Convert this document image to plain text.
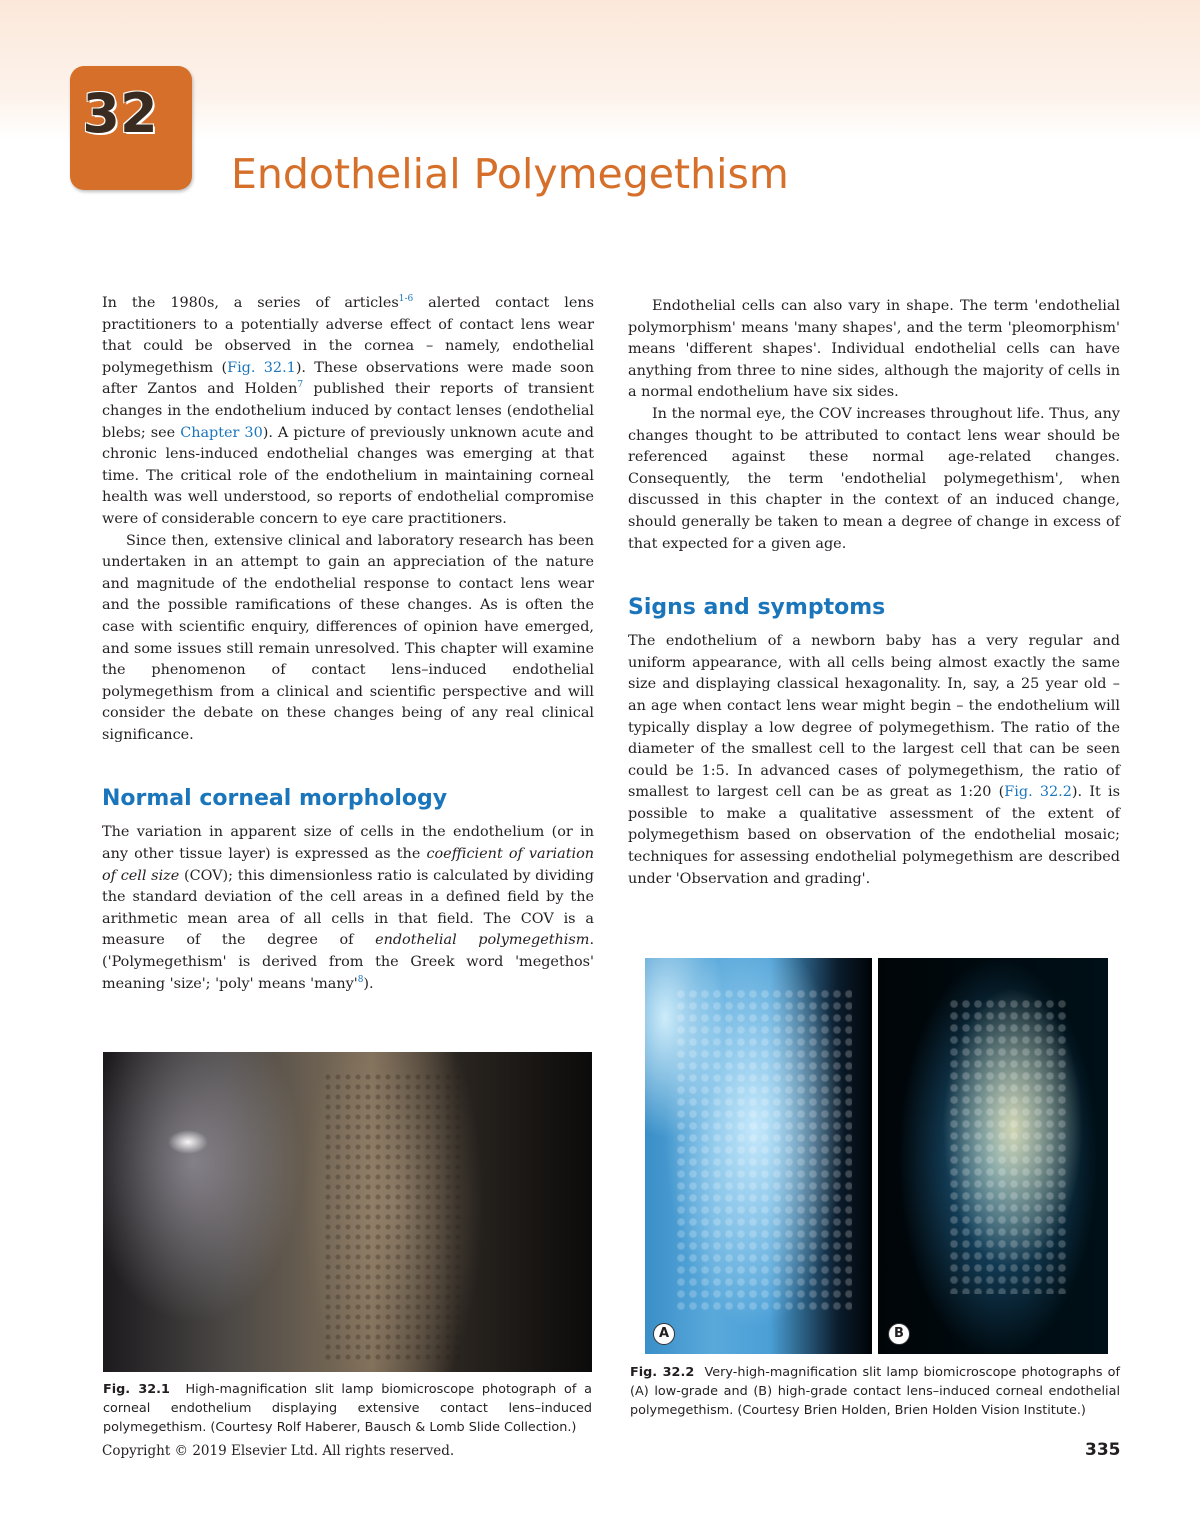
32
Endothelial Polymegethism

In the 1980s, a series of articles$^{1-6}$ alerted contact lens practitioners to a potentially adverse effect of contact lens wear that could be observed in the cornea – namely, endothelial polymegethism (Fig. 32.1). These observations were made soon after Zantos and Holden$^7$ published their reports of transient changes in the endothelium induced by contact lenses (endothelial blebs; see Chapter 30). A picture of previously unknown acute and chronic lens-induced endothelial changes was emerging at that time. The critical role of the endothelium in maintaining corneal health was well understood, so reports of endothelial compromise were of considerable concern to eye care practitioners.

Since then, extensive clinical and laboratory research has been undertaken in an attempt to gain an appreciation of the nature and magnitude of the endothelial response to contact lens wear and the possible ramifications of these changes. As is often the case with scientific enquiry, differences of opinion have emerged, and some issues still remain unresolved. This chapter will examine the phenomenon of contact lens–induced endothelial polymegethism from a clinical and scientific perspective and will consider the debate on these changes being of any real clinical significance.

Normal corneal morphology

The variation in apparent size of cells in the endothelium (or in any other tissue layer) is expressed as the coefficient of variation of cell size (COV); this dimensionless ratio is calculated by dividing the standard deviation of the cell areas in a defined field by the arithmetic mean area of all cells in that field. The COV is a measure of the degree of endothelial polymegethism. ('Polymegethism' is derived from the Greek word 'megethos' meaning 'size'; 'poly' means '$many'^8$).

Endothelial cells can also vary in shape. The term 'endothelial polymorphism' means 'many shapes', and the term 'pleomorphism' means 'different shapes'. Individual endothelial cells can have anything from three to nine sides, although the majority of cells in a normal endothelium have six sides.

In the normal eye, the COV increases throughout life. Thus, any changes thought to be attributed to contact lens wear should be referenced against these normal age-related changes. Consequently, the term 'endothelial polymegethism', when discussed in this chapter in the context of an induced change, should generally be taken to mean a degree of change in excess of that expected for a given age.

Signs and symptoms

The endothelium of a newborn baby has a very regular and uniform appearance, with all cells being almost exactly the same size and displaying classical hexagonality. In, say, a 25 year old – an age when contact lens wear might begin – the endothelium will typically display a low degree of polymegethism. The ratio of the diameter of the smallest cell to the largest cell that can be seen could be 1:5. In advanced cases of polymegethism, the ratio of smallest to largest cell can be as great as 1:20 (Fig. 32.2). It is possible to make a qualitative assessment of the extent of polymegethism based on observation of the endothelial mosaic; techniques for assessing endothelial polymegethism are described under 'Observation and grading'.

Fig. 32.1 High-magnification slit lamp biomicroscope photograph of a corneal endothelium displaying extensive contact lens–induced polymegethism. (Courtesy Rolf Haberer, Bausch & Lomb Slide Collection.)
A	B
Fig. 32.2 Very-high-magnification slit lamp biomicroscope photographs of (A) low-grade and (B) high-grade contact lens–induced corneal endothelial polymegethism. (Courtesy Brien Holden, Brien Holden Vision Institute.)
Copyright © 2019 Elsevier Ltd. All rights reserved.	335
